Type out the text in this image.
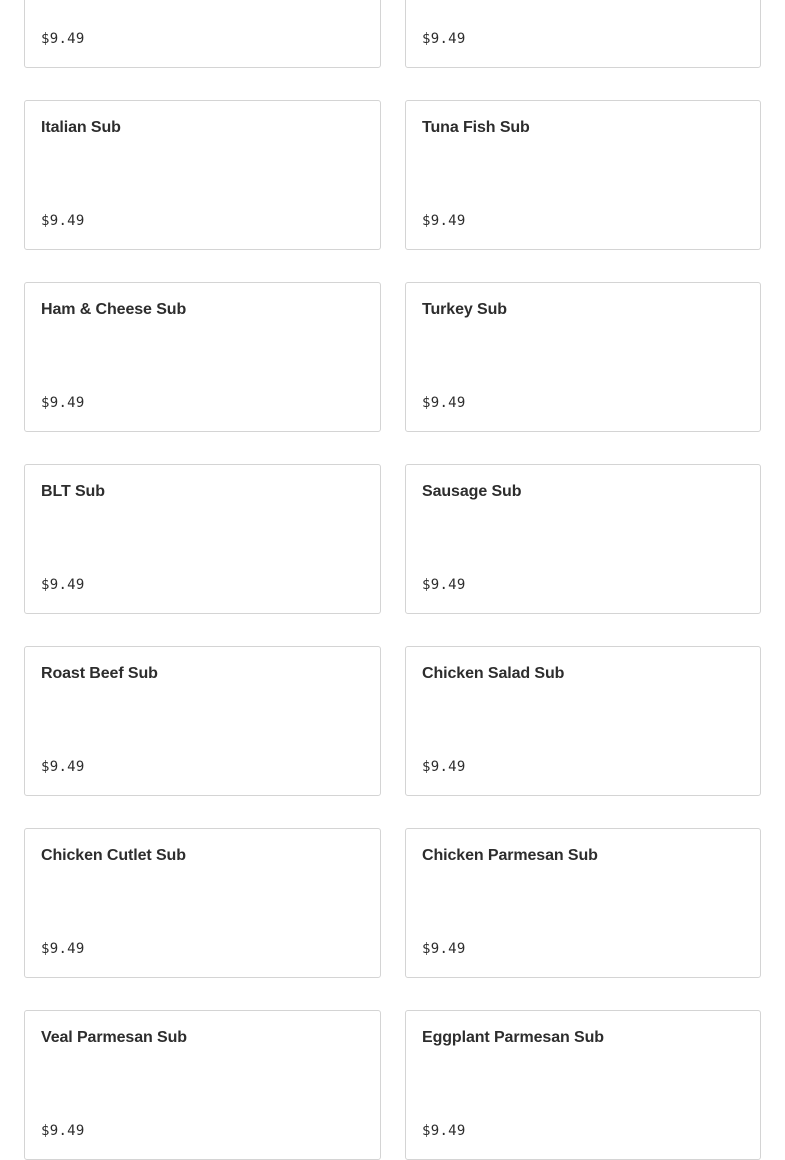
$9.49	$9.49
Italian Sub
$9.49
Tuna Fish Sub
$9.49
Ham & Cheese Sub
$9.49
Turkey Sub
$9.49
BLT Sub
$9.49
Sausage Sub
$9.49
Roast Beef Sub
$9.49
Chicken Salad Sub
$9.49
Chicken Cutlet Sub
$9.49
Chicken Parmesan Sub
$9.49
Veal Parmesan Sub
$9.49
Eggplant Parmesan Sub
$9.49
